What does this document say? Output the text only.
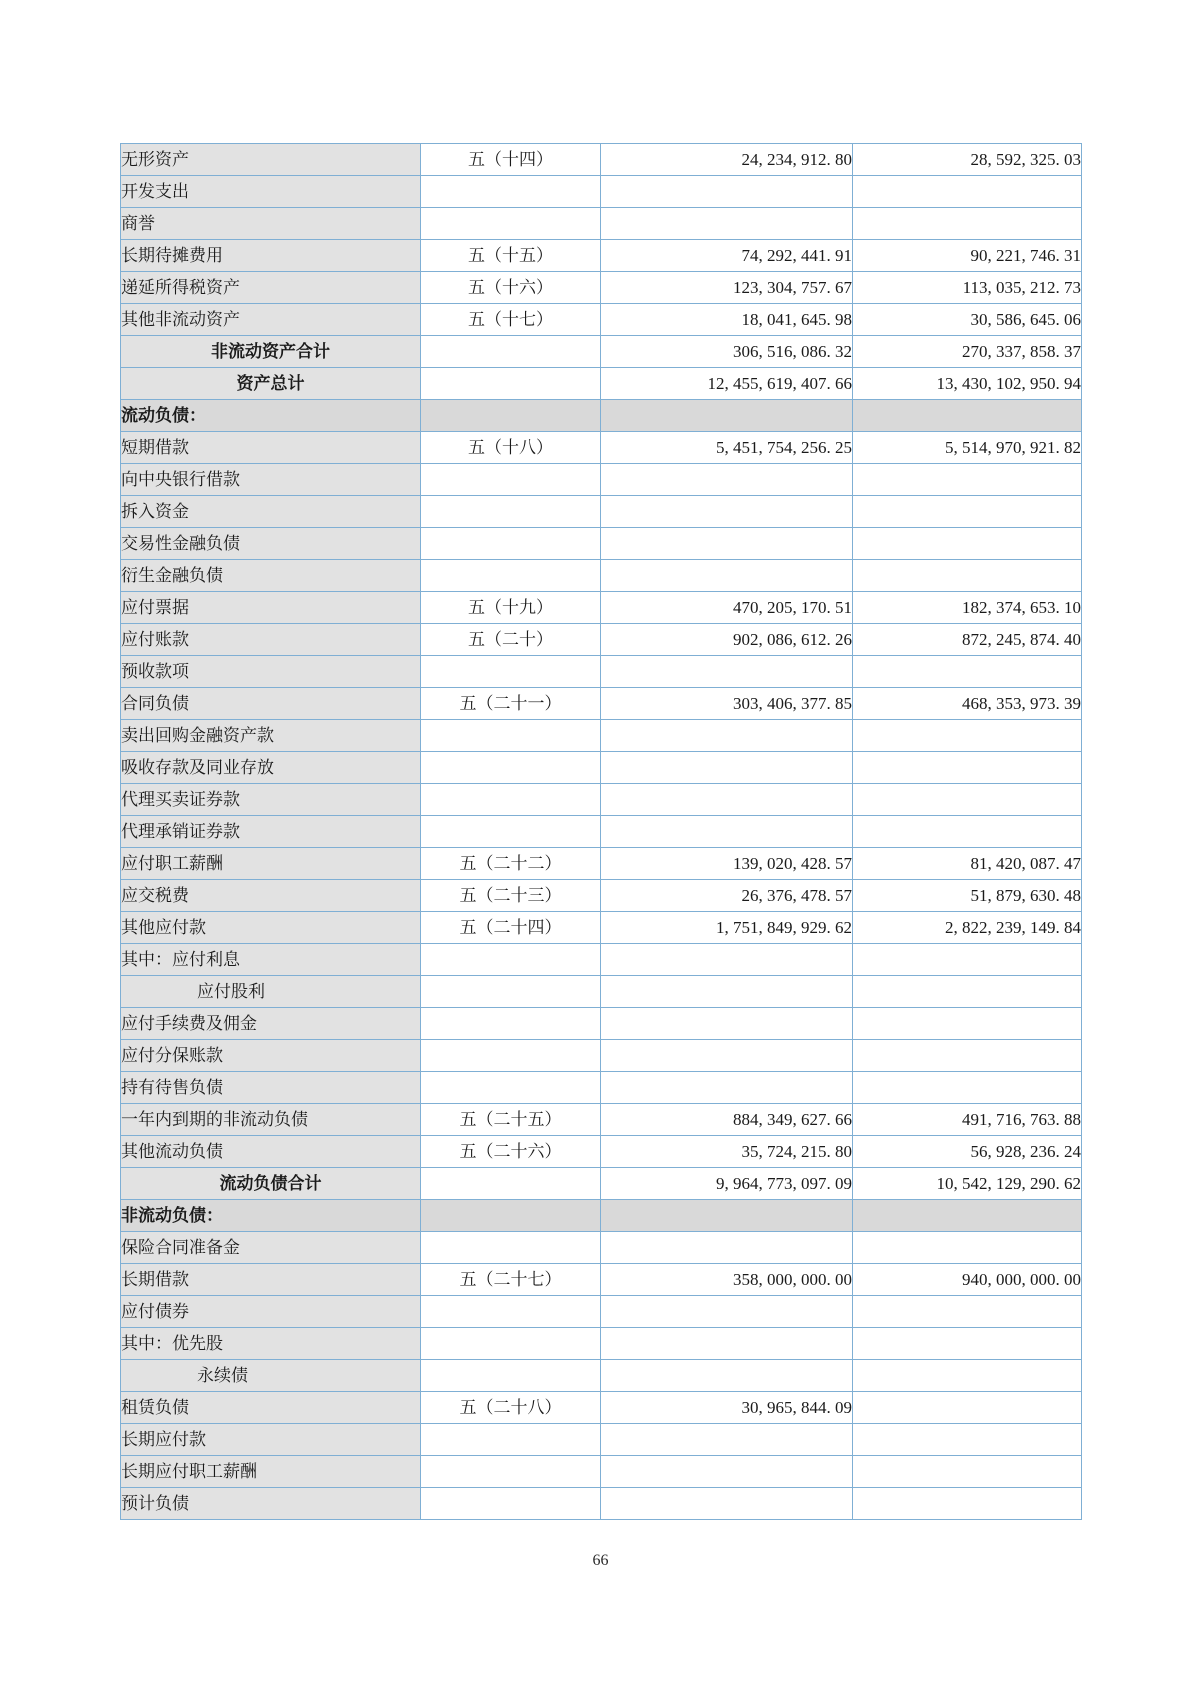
无形资产	五（十四）	24, 234, 912. 80	28, 592, 325. 03
开发支出			
商誉			
长期待摊费用	五（十五）	74, 292, 441. 91	90, 221, 746. 31
递延所得税资产	五（十六）	123, 304, 757. 67	113, 035, 212. 73
其他非流动资产	五（十七）	18, 041, 645. 98	30, 586, 645. 06
非流动资产合计		306, 516, 086. 32	270, 337, 858. 37
资产总计		12, 455, 619, 407. 66	13, 430, 102, 950. 94
流动负债：			
短期借款	五（十八）	5, 451, 754, 256. 25	5, 514, 970, 921. 82
向中央银行借款			
拆入资金			
交易性金融负债			
衍生金融负债			
应付票据	五（十九）	470, 205, 170. 51	182, 374, 653. 10
应付账款	五（二十）	902, 086, 612. 26	872, 245, 874. 40
预收款项			
合同负债	五（二十一）	303, 406, 377. 85	468, 353, 973. 39
卖出回购金融资产款			
吸收存款及同业存放			
代理买卖证券款			
代理承销证券款			
应付职工薪酬	五（二十二）	139, 020, 428. 57	81, 420, 087. 47
应交税费	五（二十三）	26, 376, 478. 57	51, 879, 630. 48
其他应付款	五（二十四）	1, 751, 849, 929. 62	2, 822, 239, 149. 84
其中：应付利息			
应付股利			
应付手续费及佣金			
应付分保账款			
持有待售负债			
一年内到期的非流动负债	五（二十五）	884, 349, 627. 66	491, 716, 763. 88
其他流动负债	五（二十六）	35, 724, 215. 80	56, 928, 236. 24
流动负债合计		9, 964, 773, 097. 09	10, 542, 129, 290. 62
非流动负债：			
保险合同准备金			
长期借款	五（二十七）	358, 000, 000. 00	940, 000, 000. 00
应付债券			
其中：优先股			
永续债			
租赁负债	五（二十八）	30, 965, 844. 09	
长期应付款			
长期应付职工薪酬			
预计负债			
66
